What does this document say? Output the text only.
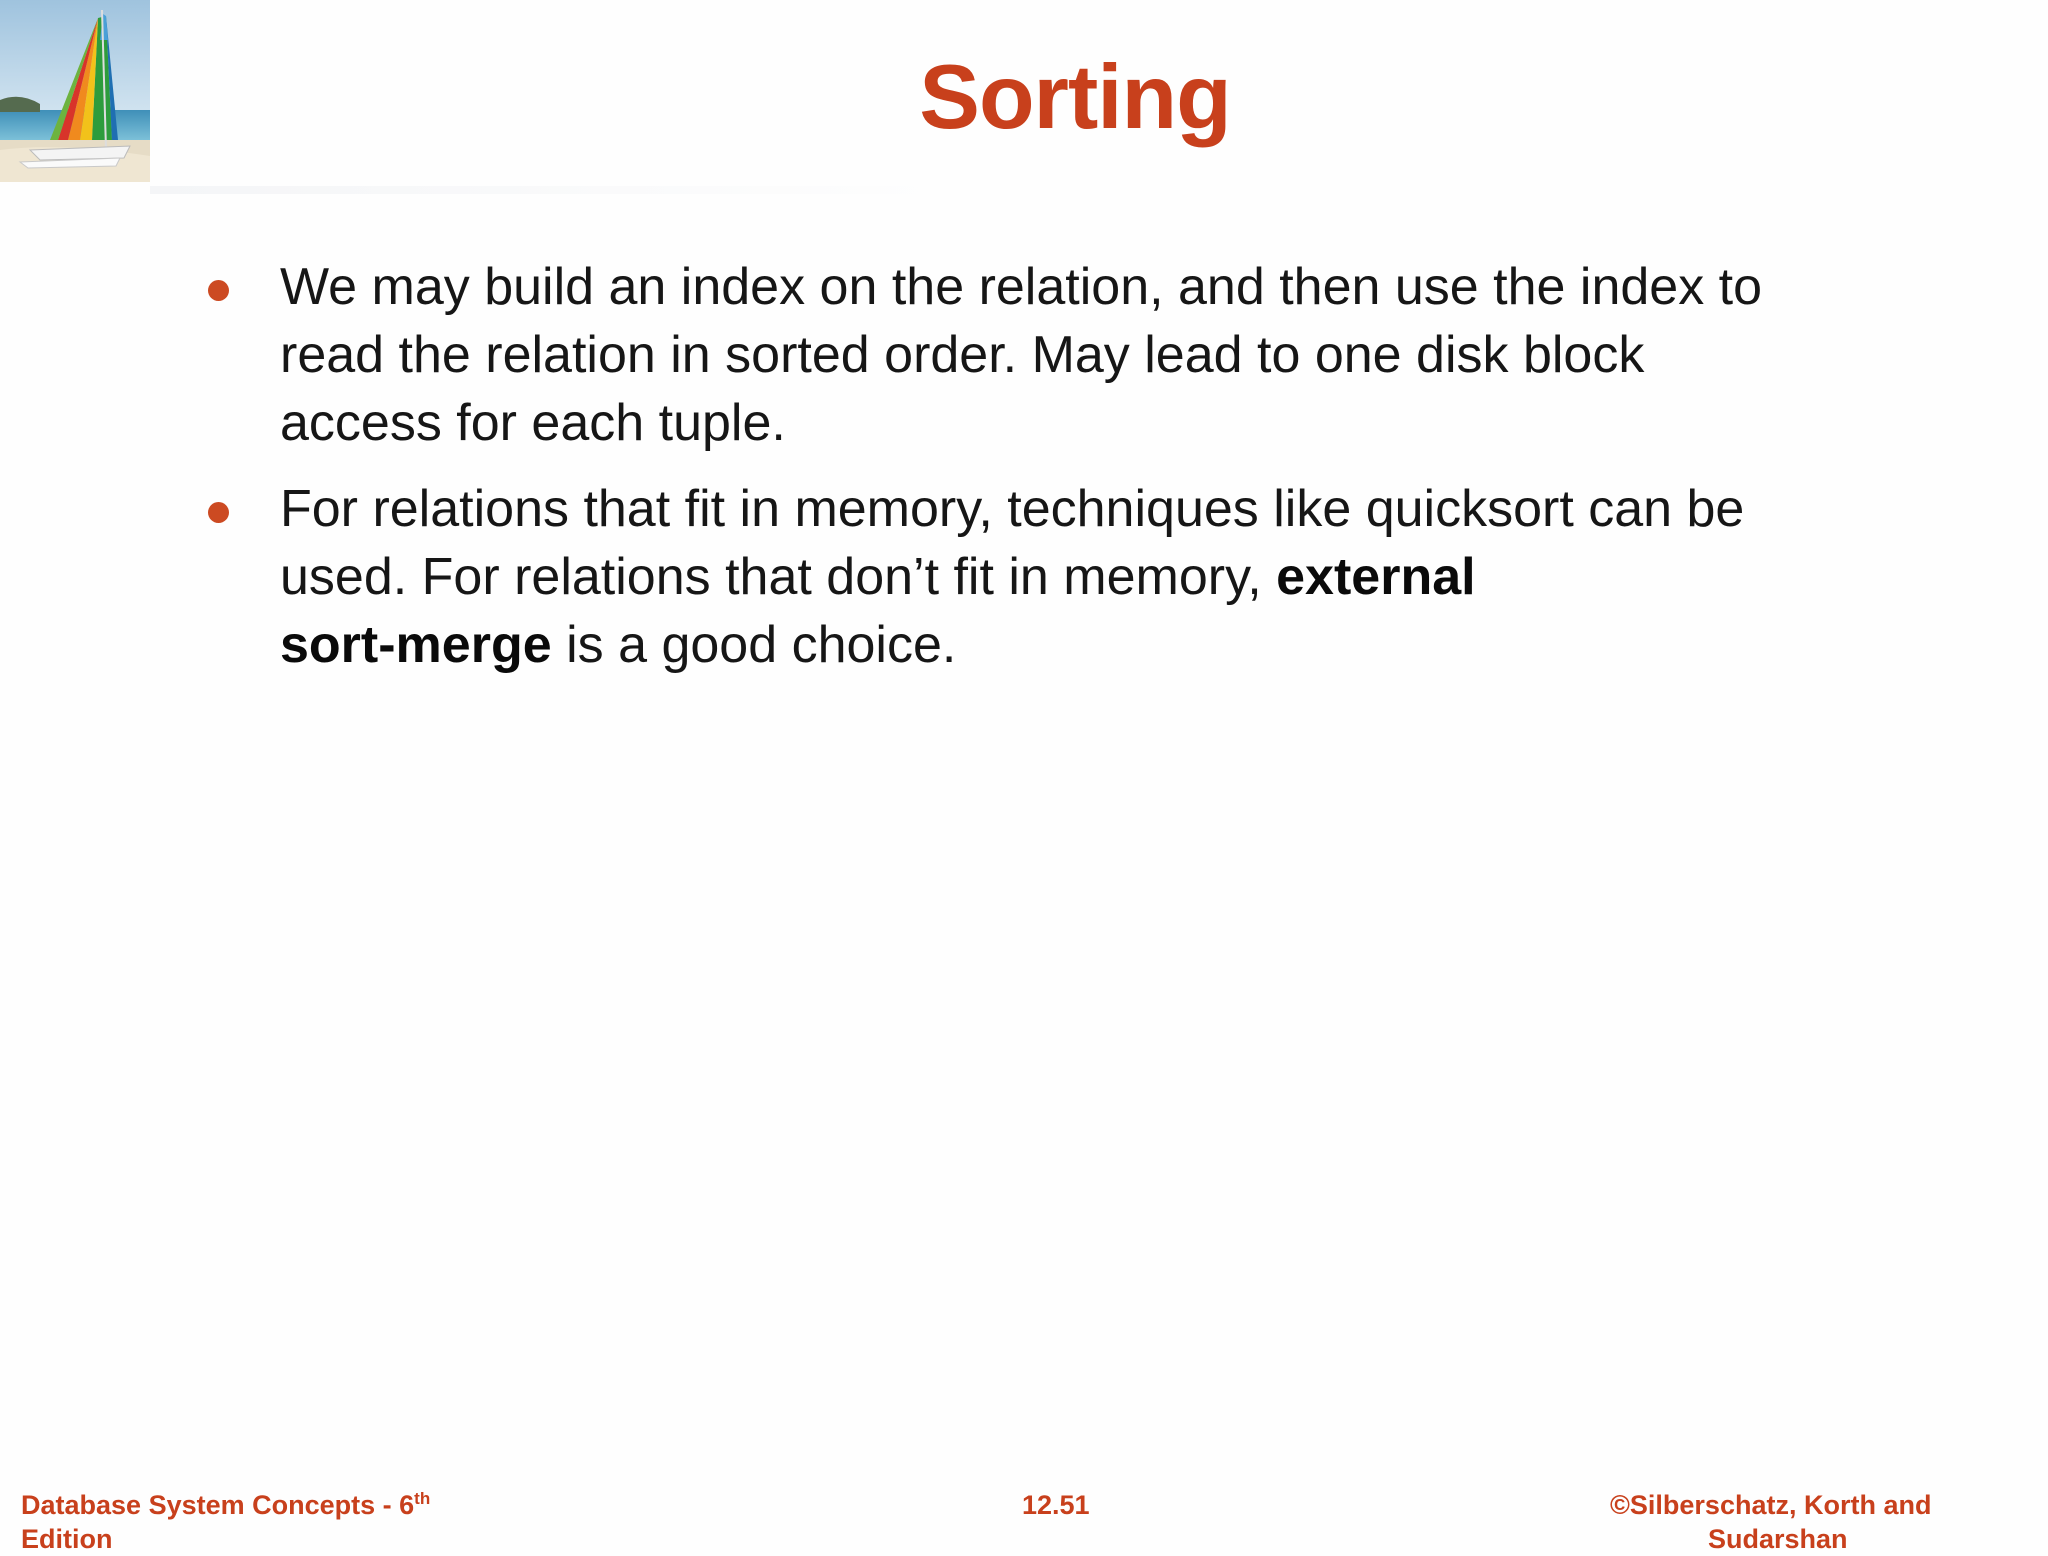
Sorting
We may build an index on the relation, and then use the index to
read the relation in sorted order. May lead to one disk block
access for each tuple.
For relations that fit in memory, techniques like quicksort can be
used. For relations that don’t fit in memory, external
sort-merge is a good choice.
Database System Concepts - 6th
Edition
12.51	©Silberschatz, Korth and
Sudarshan
